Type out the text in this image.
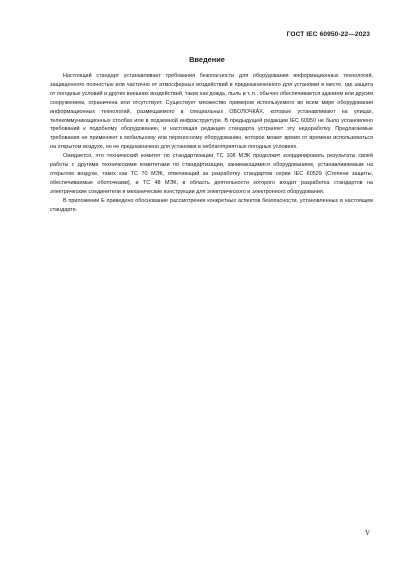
ГОСТ IEC 60950-22—2023
Введение

Настоящий стандарт устанавливает требования безопасности для оборудования информационных технологий, защищенного полностью или частично от атмосферных воздействий в предназначенного для установки в месте, где защита от погодных условий и других внешних воздействий, таких как дождь, пыль и т. п., обычно обеспечивается зданием или другим сооружением, ограничена или отсутствует. Существует множество примеров используемого во всем мире оборудования информационных технологий, размещаемого в специальных ОБОЛОЧКАХ, которые устанавливают на улицах, телекоммуникационных столбах или в подземной инфраструктуре. В предыдущей редакции IEC 60950 не было установлено требований к подобному оборудованию, и настоящая редакция стандарта устраняет эту недоработку. Предлагаемые требования не применяют к мобильному или переносному оборудованию, которое может время от времени использоваться на открытом воздухе, но не предназначено для установки в неблагоприятных погодных условиях.

Ожидается, что технический комитет по стандартизации ТС 108 МЭК продолжит координировать результаты своей работы с другими техническими комитетами по стандартизации, занимающимися оборудованием, устанавливаемым на открытом воздухе, таких как ТС 70 МЭК, отвечающий за разработку стандартов серии IEC 60529 (Степени защиты, обеспечиваемые оболочками), и ТС 48 МЭК, в область деятельности которого входит разработка стандартов на электрические соединители и механические конструкции для электрического и электронного оборудования.

В приложении Е приведено обоснование рассмотрения конкретных аспектов безопасности, установленных в настоящем стандарте.

V
